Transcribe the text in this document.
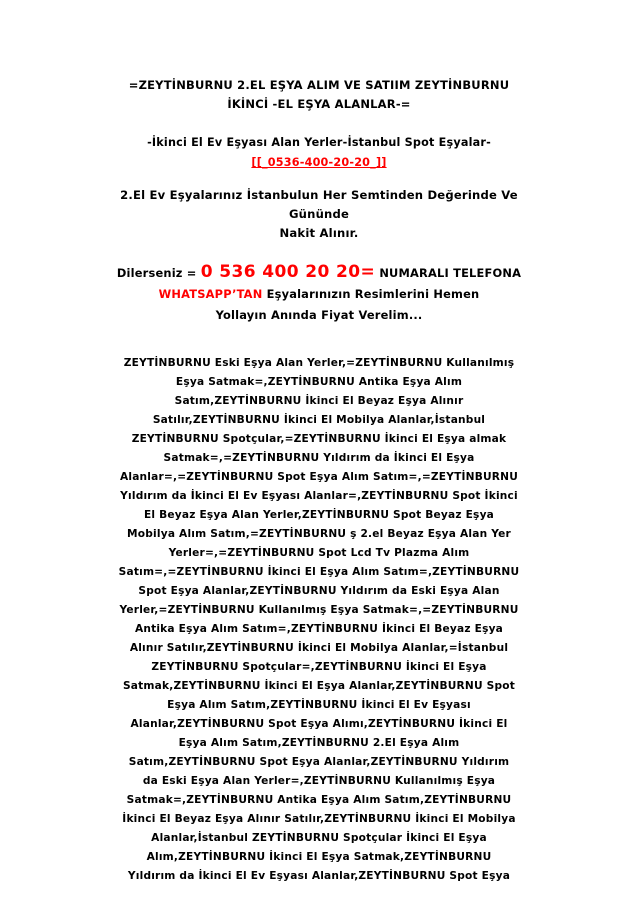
=ZEYTİNBURNU 2.EL EŞYA ALIM VE SATIIM ZEYTİNBURNU
İKİNCİ -EL EŞYA ALANLAR-=
-İkinci El Ev Eşyası Alan Yerler-İstanbul Spot Eşyalar-
[[_0536-400-20-20_]]
2.El Ev Eşyalarınız İstanbulun Her Semtinden Değerinde Ve
Gününde
Nakit Alınır.
Dilerseniz = 0 536 400 20 20= NUMARALI TELEFONA
WHATSAPP’TAN Eşyalarınızın Resimlerini Hemen
Yollayın Anında Fiyat Verelim...
ZEYTİNBURNU Eski Eşya Alan Yerler,=ZEYTİNBURNU Kullanılmış
Eşya Satmak=,ZEYTİNBURNU Antika Eşya Alım
Satım,ZEYTİNBURNU İkinci El Beyaz Eşya Alınır
Satılır,ZEYTİNBURNU İkinci El Mobilya Alanlar,İstanbul
ZEYTİNBURNU Spotçular,=ZEYTİNBURNU İkinci El Eşya almak
Satmak=,=ZEYTİNBURNU Yıldırım da İkinci El Eşya
Alanlar=,=ZEYTİNBURNU Spot Eşya Alım Satım=,=ZEYTİNBURNU
Yıldırım da İkinci El Ev Eşyası Alanlar=,ZEYTİNBURNU Spot İkinci
El Beyaz Eşya Alan Yerler,ZEYTİNBURNU Spot Beyaz Eşya
Mobilya Alım Satım,=ZEYTİNBURNU ş 2.el Beyaz Eşya Alan Yer
Yerler=,=ZEYTİNBURNU Spot Lcd Tv Plazma Alım
Satım=,=ZEYTİNBURNU İkinci El Eşya Alım Satım=,ZEYTİNBURNU
Spot Eşya Alanlar,ZEYTİNBURNU Yıldırım da Eski Eşya Alan
Yerler,=ZEYTİNBURNU Kullanılmış Eşya Satmak=,=ZEYTİNBURNU
Antika Eşya Alım Satım=,ZEYTİNBURNU İkinci El Beyaz Eşya
Alınır Satılır,ZEYTİNBURNU İkinci El Mobilya Alanlar,=İstanbul
ZEYTİNBURNU Spotçular=,ZEYTİNBURNU İkinci El Eşya
Satmak,ZEYTİNBURNU İkinci El Eşya Alanlar,ZEYTİNBURNU Spot
Eşya Alım Satım,ZEYTİNBURNU İkinci El Ev Eşyası
Alanlar,ZEYTİNBURNU Spot Eşya Alımı,ZEYTİNBURNU İkinci El
Eşya Alım Satım,ZEYTİNBURNU 2.El Eşya Alım
Satım,ZEYTİNBURNU Spot Eşya Alanlar,ZEYTİNBURNU Yıldırım
da Eski Eşya Alan Yerler=,ZEYTİNBURNU Kullanılmış Eşya
Satmak=,ZEYTİNBURNU Antika Eşya Alım Satım,ZEYTİNBURNU
İkinci El Beyaz Eşya Alınır Satılır,ZEYTİNBURNU İkinci El Mobilya
Alanlar,İstanbul ZEYTİNBURNU Spotçular İkinci El Eşya
Alım,ZEYTİNBURNU İkinci El Eşya Satmak,ZEYTİNBURNU
Yıldırım da İkinci El Ev Eşyası Alanlar,ZEYTİNBURNU Spot Eşya
